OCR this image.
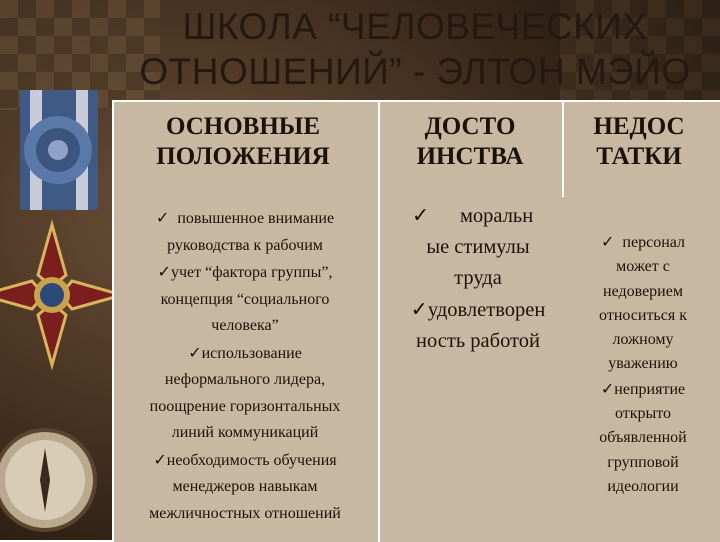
ШКОЛА “ЧЕЛОВЕЧЕСКИХ
ОТНОШЕНИЙ” - ЭЛТОН МЭЙО
ОСНОВНЫЕ
ПОЛОЖЕНИЯ
ДОСТО
ИНСТВА
НЕДОС
ТАТКИ
✓ повышенное внимание
руководства к рабочим
✓учет “фактора группы”,
концепция “социального
человека”
✓использование
неформального лидера,
поощрение горизонтальных
линий коммуникаций
✓необходимость обучения
менеджеров навыкам
межличностных отношений
✓ моральн
ые стимулы
труда
✓удовлетворен
ность работой
✓ персонал
может с
недоверием
относиться к
ложному
уважению
✓неприятие
открыто
объявленной
групповой
идеологии
